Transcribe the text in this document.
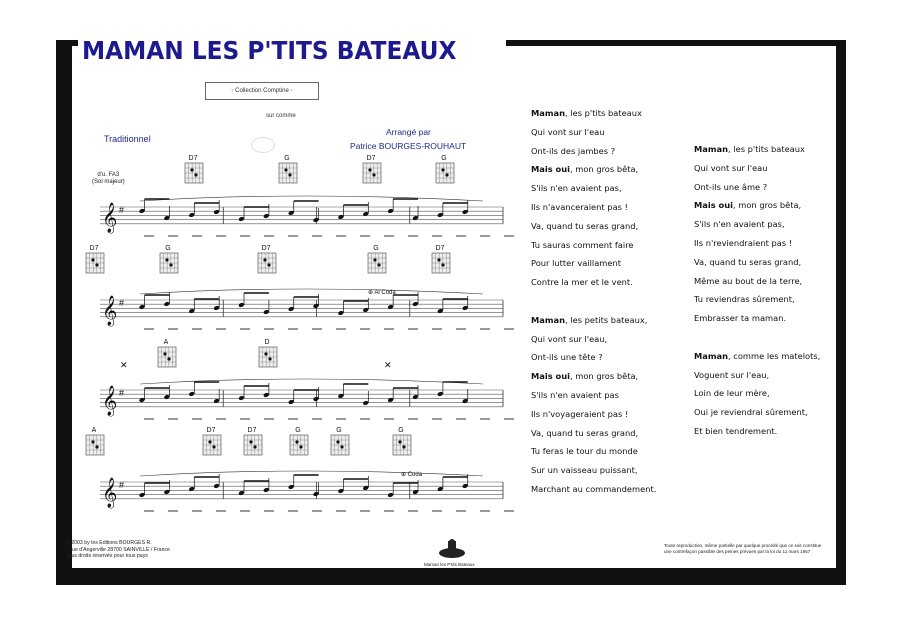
MAMAN LES P'TITS BATEAUX
◦ Collection Comptine ◦
sur comme
Traditionnel
Arrangé par
Patrice BOURGES-ROUHAUT
d'u. FA3
(Sol majeur)
𝄞 #
𝄞 #
𝄞 #
𝄞 #
⊕ Al Coda
⊕ Coda
D7	G	D7	G
D7	G	D7	G	D7
A	D
A	D7	D7	G	G	G
✕	✕
Maman, les p'tits bateaux
Qui vont sur l'eau
Ont-ils des jambes ?
Mais oui, mon gros bêta,
S'ils n'en avaient pas,
Ils n'avanceraient pas !
Va, quand tu seras grand,
Tu sauras comment faire
Pour lutter vaillament
Contre la mer et le vent.
Maman, les petits bateaux,
Qui vont sur l'eau,
Ont-ils une tête ?
Mais oui, mon gros bêta,
S'ils n'en avaient pas
Ils n'voyageraient pas !
Va, quand tu seras grand,
Tu feras le tour du monde
Sur un vaisseau puissant,
Marchant au commandement.
Maman, les p'tits bateaux
Qui vont sur l'eau
Ont-ils une âme ?
Mais oui, mon gros bêta,
S'ils n'en avaient pas,
Ils n'reviendraient pas !
Va, quand tu seras grand,
Même au bout de la terre,
Tu reviendras sûrement,
Embrasser ta maman.
Maman, comme les matelots,
Voguent sur l'eau,
Loin de leur mère,
Oui je reviendrai sûrement,
Et bien tendrement.
© 2003 by les Editions BOURGES R.
2 rue d'Angerville 28700 SAINVILLE / France
Tous droits réservés pour tous pays
Maman les P'tits Bateaux
Toute reproduction, même partielle par quelque procédé que ce soit constitue une contrefaçon passible des peines prévues par la loi du 11 mars 1957
